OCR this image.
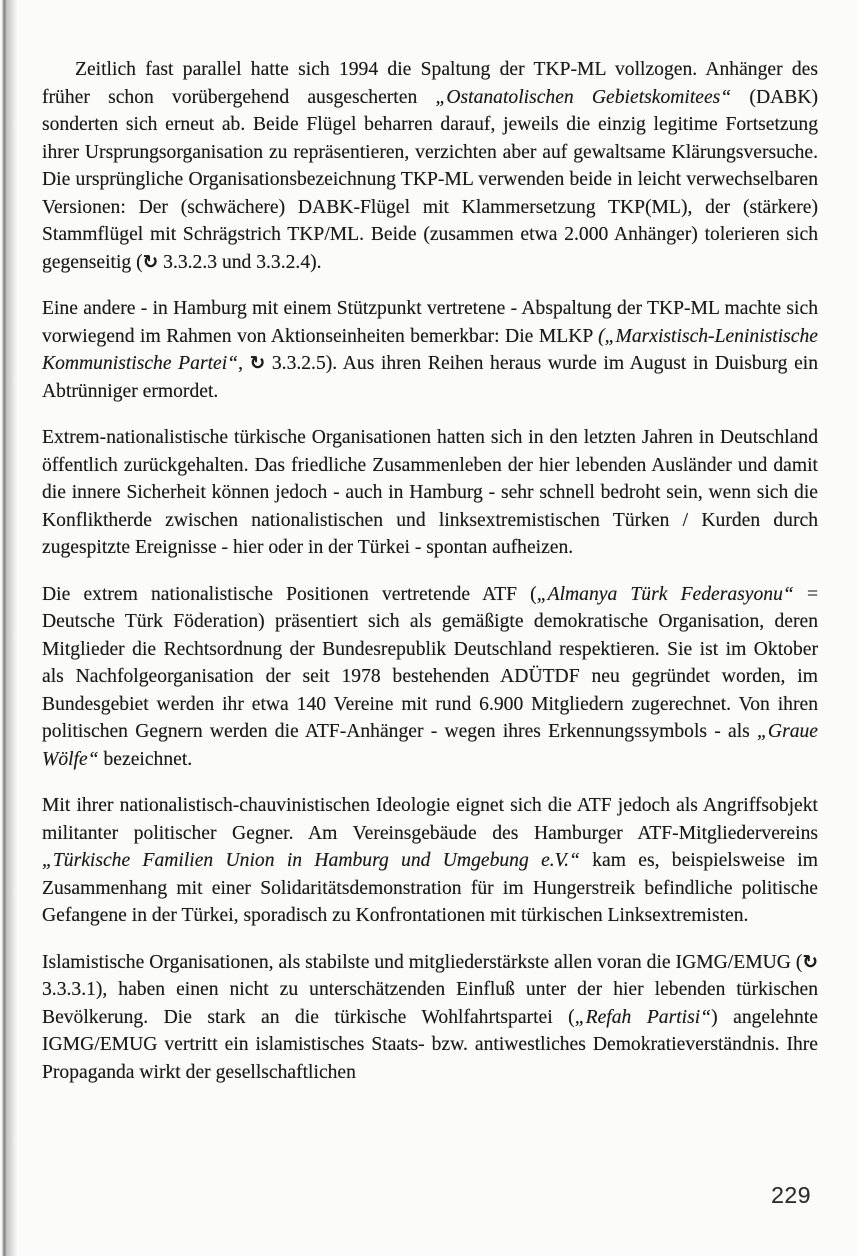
Zeitlich fast parallel hatte sich 1994 die Spaltung der TKP-ML vollzogen. Anhänger des früher schon vorübergehend ausgescherten „Ostanatolischen Gebietskomitees“ (DABK) sonderten sich erneut ab. Beide Flügel beharren darauf, jeweils die einzig legitime Fortsetzung ihrer Ursprungsorganisation zu repräsentieren, verzichten aber auf gewaltsame Klärungsversuche. Die ursprüngliche Organisationsbezeichnung TKP-ML verwenden beide in leicht verwechselbaren Versionen: Der (schwächere) DABK-Flügel mit Klammersetzung TKP(ML), der (stärkere) Stammflügel mit Schrägstrich TKP/ML. Beide (zusammen etwa 2.000 Anhänger) tolerieren sich gegenseitig (↻ 3.3.2.3 und 3.3.2.4).

Eine andere - in Hamburg mit einem Stützpunkt vertretene - Abspaltung der TKP-ML machte sich vorwiegend im Rahmen von Aktionseinheiten bemerkbar: Die MLKP („Marxistisch-Leninistische Kommunistische Partei“, ↻ 3.3.2.5). Aus ihren Reihen heraus wurde im August in Duisburg ein Abtrünniger ermordet.

Extrem-nationalistische türkische Organisationen hatten sich in den letzten Jahren in Deutschland öffentlich zurückgehalten. Das friedliche Zusammenleben der hier lebenden Ausländer und damit die innere Sicherheit können jedoch - auch in Hamburg - sehr schnell bedroht sein, wenn sich die Konfliktherde zwischen nationalistischen und linksextremistischen Türken / Kurden durch zugespitzte Ereignisse - hier oder in der Türkei - spontan aufheizen.

Die extrem nationalistische Positionen vertretende ATF („Almanya Türk Federasyonu“ = Deutsche Türk Föderation) präsentiert sich als gemäßigte demokratische Organisation, deren Mitglieder die Rechtsordnung der Bundesrepublik Deutschland respektieren. Sie ist im Oktober als Nachfolgeorganisation der seit 1978 bestehenden ADÜTDF neu gegründet worden, im Bundesgebiet werden ihr etwa 140 Vereine mit rund 6.900 Mitgliedern zugerechnet. Von ihren politischen Gegnern werden die ATF-Anhänger - wegen ihres Erkennungssymbols - als „Graue Wölfe“ bezeichnet.

Mit ihrer nationalistisch-chauvinistischen Ideologie eignet sich die ATF jedoch als Angriffsobjekt militanter politischer Gegner. Am Vereinsgebäude des Hamburger ATF-Mitgliedervereins „Türkische Familien Union in Hamburg und Umgebung e.V.“ kam es, beispielsweise im Zusammenhang mit einer Solidaritätsdemonstration für im Hungerstreik befindliche politische Gefangene in der Türkei, sporadisch zu Konfrontationen mit türkischen Linksextremisten.

Islamistische Organisationen, als stabilste und mitgliederstärkste allen voran die IGMG/EMUG (↻ 3.3.3.1), haben einen nicht zu unterschätzenden Einfluß unter der hier lebenden türkischen Bevölkerung. Die stark an die türkische Wohlfahrtspartei („Refah Partisi“) angelehnte IGMG/EMUG vertritt ein islamistisches Staats- bzw. antiwestliches Demokratieverständnis. Ihre Propaganda wirkt der gesellschaftlichen

229
